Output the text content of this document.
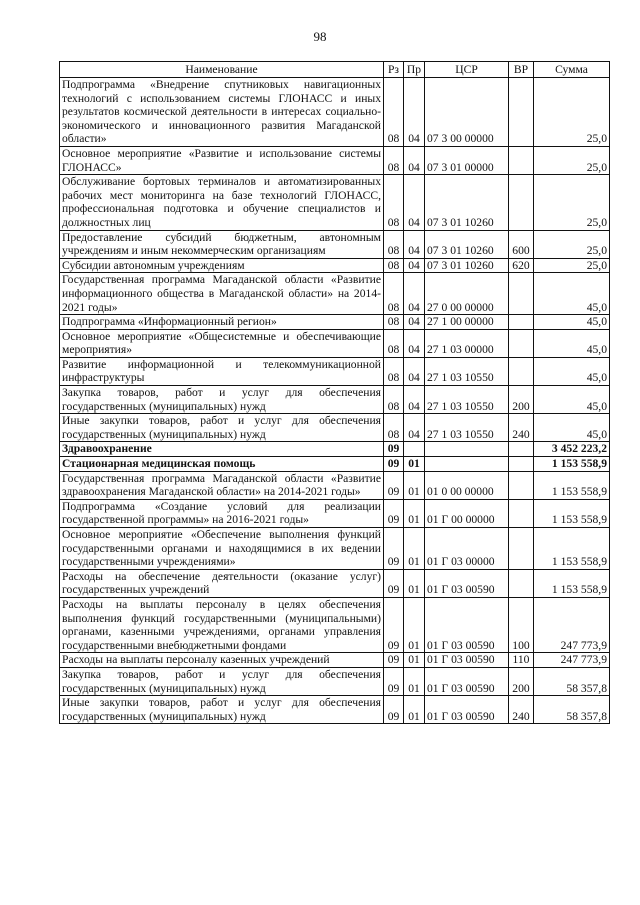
98
Наименование	Рз	Пр	ЦСР	ВР	Сумма
Подпрограмма «Внедрение спутниковых навигационных технологий с использованием системы ГЛОНАСС и иных результатов космической деятельности в интересах социально-экономического и инновационного развития Магаданской области»	08	04	07 3 00 00000		25,0
Основное мероприятие «Развитие и использование системы ГЛОНАСС»	08	04	07 3 01 00000		25,0
Обслуживание бортовых терминалов и автоматизированных рабочих мест мониторинга на базе технологий ГЛОНАСС, профессиональная подготовка и обучение специалистов и должностных лиц	08	04	07 3 01 10260		25,0
Предоставление субсидий бюджетным, автономным учреждениям и иным некоммерческим организациям	08	04	07 3 01 10260	600	25,0
Субсидии автономным учреждениям	08	04	07 3 01 10260	620	25,0
Государственная программа Магаданской области «Развитие информационного общества в Магаданской области» на 2014-2021 годы»	08	04	27 0 00 00000		45,0
Подпрограмма «Информационный регион»	08	04	27 1 00 00000		45,0
Основное мероприятие «Общесистемные и обеспечивающие мероприятия»	08	04	27 1 03 00000		45,0
Развитие информационной и телекоммуникационной инфраструктуры	08	04	27 1 03 10550		45,0
Закупка товаров, работ и услуг для обеспечения государственных (муниципальных) нужд	08	04	27 1 03 10550	200	45,0
Иные закупки товаров, работ и услуг для обеспечения государственных (муниципальных) нужд	08	04	27 1 03 10550	240	45,0
Здравоохранение	09				3 452 223,2
Стационарная медицинская помощь	09	01			1 153 558,9
Государственная программа Магаданской области «Развитие здравоохранения Магаданской области» на 2014-2021 годы»	09	01	01 0 00 00000		1 153 558,9
Подпрограмма «Создание условий для реализации государственной программы» на 2016-2021 годы»	09	01	01 Г 00 00000		1 153 558,9
Основное мероприятие «Обеспечение выполнения функций государственными органами и находящимися в их ведении государственными учреждениями»	09	01	01 Г 03 00000		1 153 558,9
Расходы на обеспечение деятельности (оказание услуг) государственных учреждений	09	01	01 Г 03 00590		1 153 558,9
Расходы на выплаты персоналу в целях обеспечения выполнения функций государственными (муниципальными) органами, казенными учреждениями, органами управления государственными внебюджетными фондами	09	01	01 Г 03 00590	100	247 773,9
Расходы на выплаты персоналу казенных учреждений	09	01	01 Г 03 00590	110	247 773,9
Закупка товаров, работ и услуг для обеспечения государственных (муниципальных) нужд	09	01	01 Г 03 00590	200	58 357,8
Иные закупки товаров, работ и услуг для обеспечения государственных (муниципальных) нужд	09	01	01 Г 03 00590	240	58 357,8
